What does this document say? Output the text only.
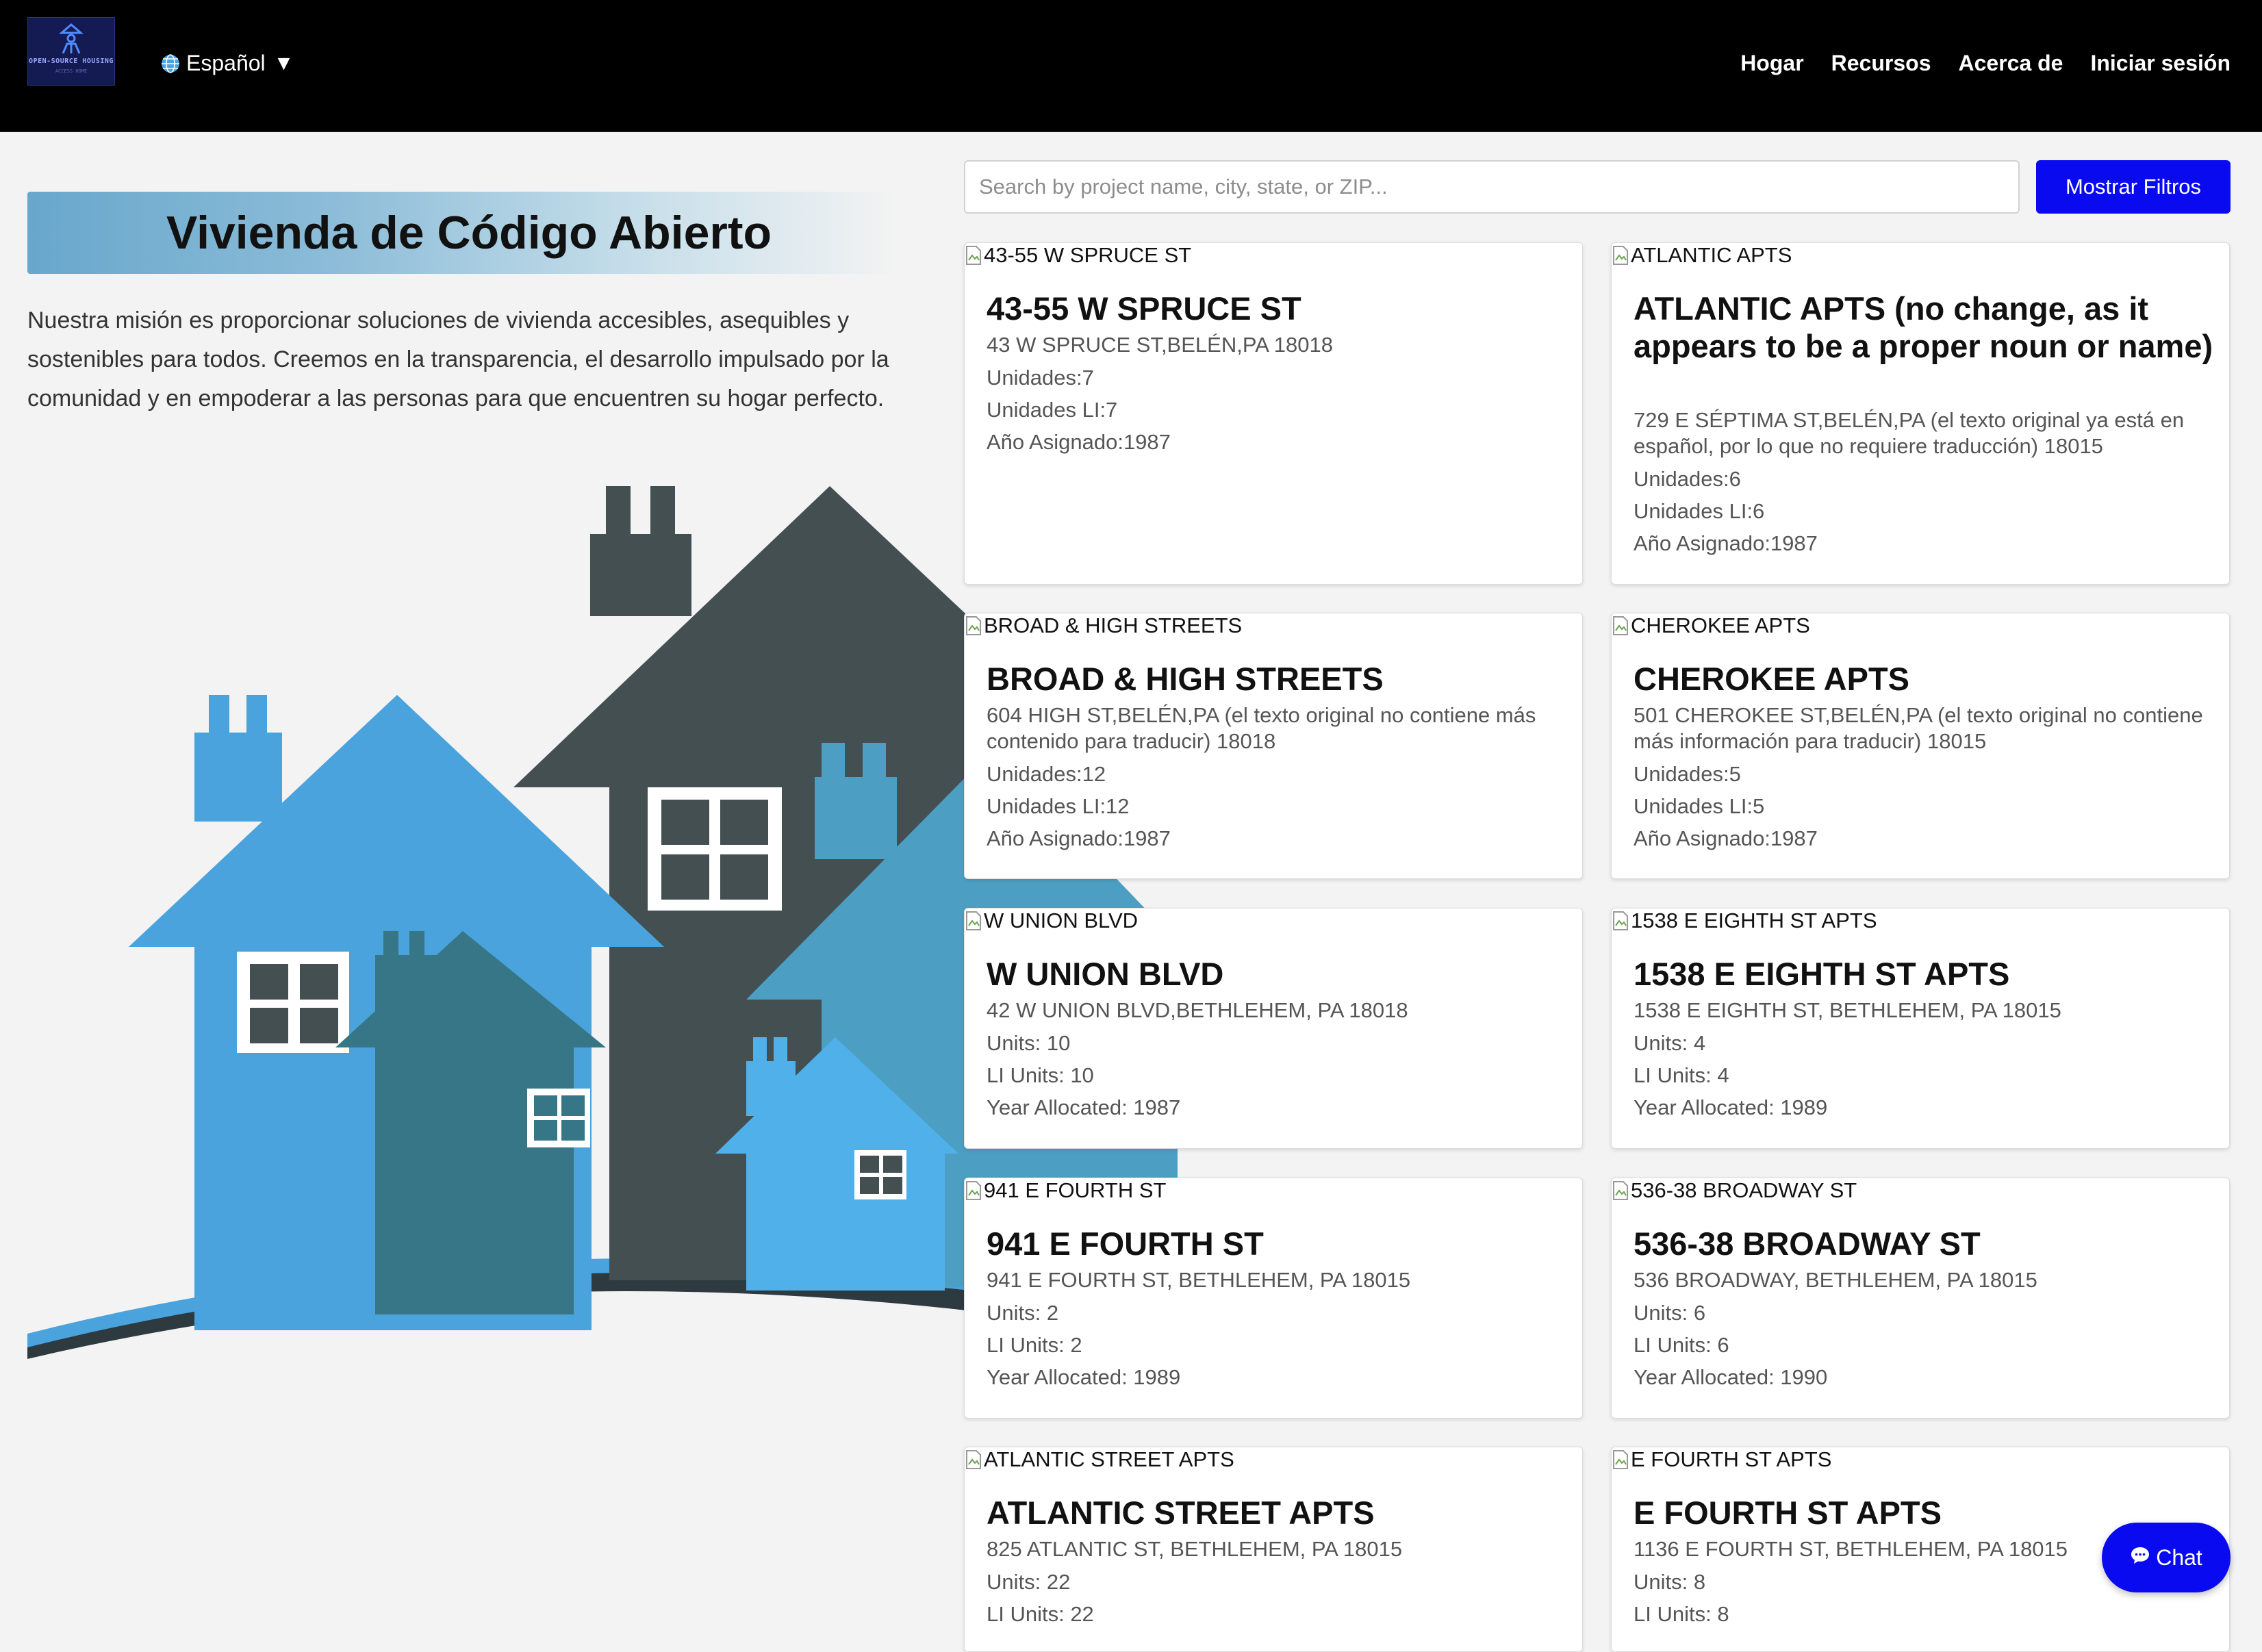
OPEN-SOURCE HOUSING
ACCESS HOME	Español ▼	Hogar Recursos Acerca de Iniciar sesión
Vivienda de Código Abierto
Nuestra misión es proporcionar soluciones de vivienda accesibles, asequibles y sostenibles para todos. Creemos en la transparencia, el desarrollo impulsado por la comunidad y en empoderar a las personas para que encuentren su hogar perfecto.
Search by project name, city, state, or ZIP...
Mostrar Filtros
43-55 W SPRUCE ST
43-55 W SPRUCE ST
43 W SPRUCE ST,BELÉN,PA 18018
Unidades:7
Unidades LI:7
Año Asignado:1987
ATLANTIC APTS
ATLANTIC APTS (no change, as it appears to be a proper noun or name)
729 E SÉPTIMA ST,BELÉN,PA (el texto original ya está en español, por lo que no requiere traducción) 18015
Unidades:6
Unidades LI:6
Año Asignado:1987
BROAD & HIGH STREETS
BROAD & HIGH STREETS
604 HIGH ST,BELÉN,PA (el texto original no contiene más contenido para traducir) 18018
Unidades:12
Unidades LI:12
Año Asignado:1987
CHEROKEE APTS
CHEROKEE APTS
501 CHEROKEE ST,BELÉN,PA (el texto original no contiene más información para traducir) 18015
Unidades:5
Unidades LI:5
Año Asignado:1987
W UNION BLVD
W UNION BLVD
42 W UNION BLVD,BETHLEHEM, PA 18018
Units: 10
LI Units: 10
Year Allocated: 1987
1538 E EIGHTH ST APTS
1538 E EIGHTH ST APTS
1538 E EIGHTH ST, BETHLEHEM, PA 18015
Units: 4
LI Units: 4
Year Allocated: 1989
941 E FOURTH ST
941 E FOURTH ST
941 E FOURTH ST, BETHLEHEM, PA 18015
Units: 2
LI Units: 2
Year Allocated: 1989
536-38 BROADWAY ST
536-38 BROADWAY ST
536 BROADWAY, BETHLEHEM, PA 18015
Units: 6
LI Units: 6
Year Allocated: 1990
ATLANTIC STREET APTS
ATLANTIC STREET APTS
825 ATLANTIC ST, BETHLEHEM, PA 18015
Units: 22
LI Units: 22
E FOURTH ST APTS
E FOURTH ST APTS
1136 E FOURTH ST, BETHLEHEM, PA 18015
Units: 8
LI Units: 8
Chat
